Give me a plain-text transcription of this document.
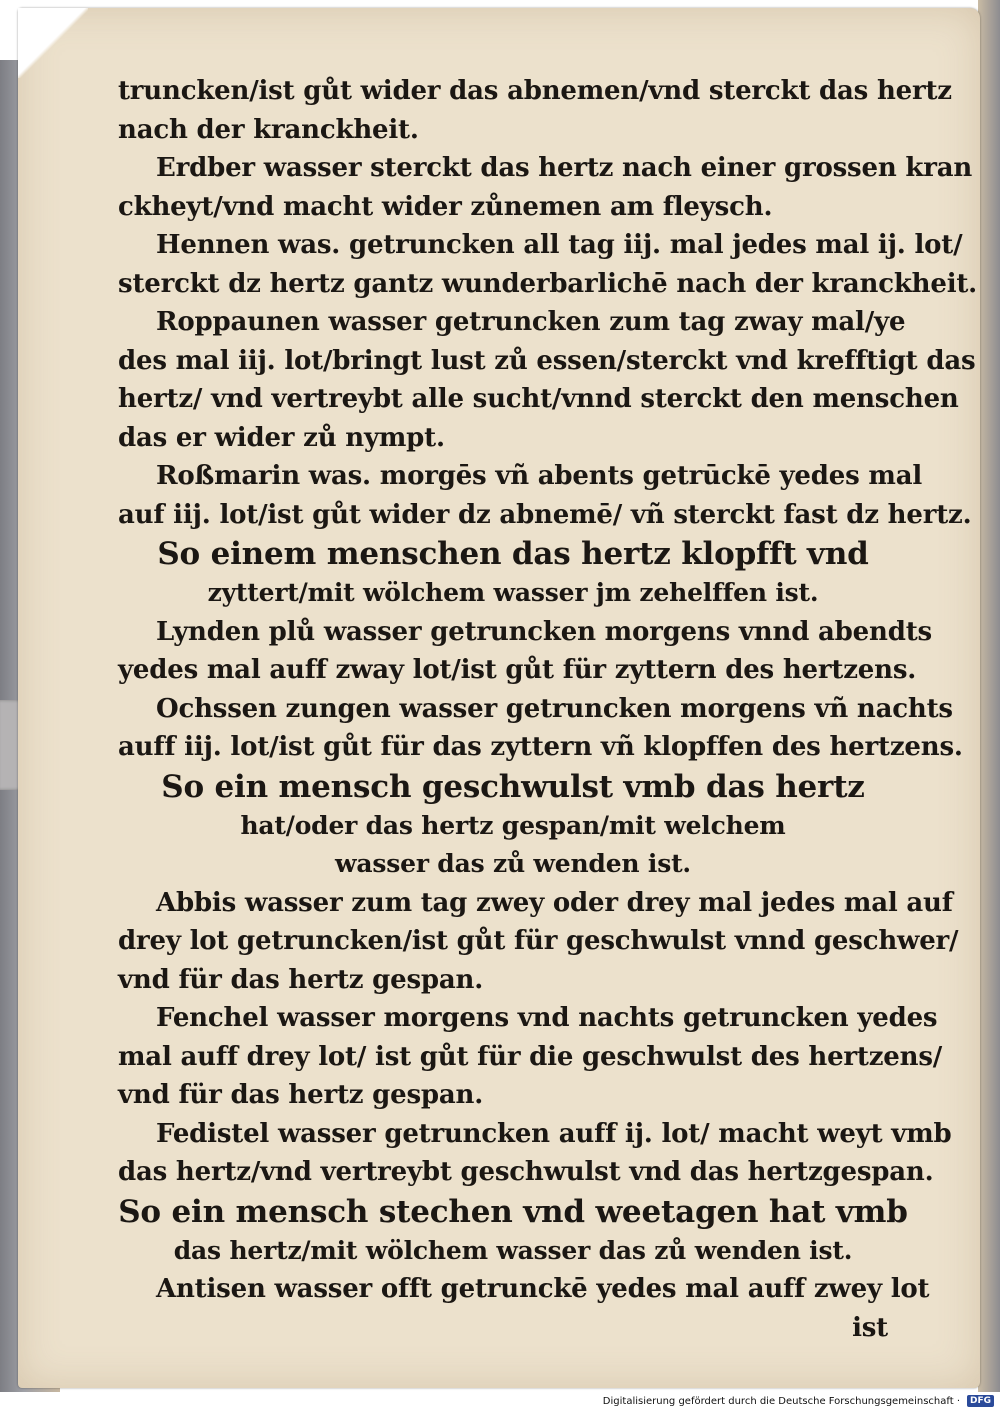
truncken/ist gůt wider das abnemen/vnd sterckt das hertz
nach der kranckheit.
Erdber wasser sterckt das hertz nach einer grossen kran
ckheyt/vnd macht wider zůnemen am fleysch.
Hennen was. getruncken all tag iij. mal jedes mal ij. lot/
sterckt dz hertz gantz wunderbarlichē nach der kranckheit.
Roppaunen wasser getruncken zum tag zway mal/ye
des mal iij. lot/bringt lust zů essen/sterckt vnd krefftigt das
hertz/ vnd vertreybt alle sucht/vnnd sterckt den menschen
das er wider zů nympt.
Roßmarin was. morgēs vñ abents getrūckē yedes mal
auf iij. lot/ist gůt wider dz abnemē/ vñ sterckt fast dz hertz.
So einem menschen das hertz klopfft vnd
zyttert/mit wölchem wasser jm zehelffen ist.
Lynden plů wasser getruncken morgens vnnd abendts
yedes mal auff zway lot/ist gůt für zyttern des hertzens.
Ochssen zungen wasser getruncken morgens vñ nachts
auff iij. lot/ist gůt für das zyttern vñ klopffen des hertzens.
So ein mensch geschwulst vmb das hertz
hat/oder das hertz gespan/mit welchem
wasser das zů wenden ist.
Abbis wasser zum tag zwey oder drey mal jedes mal auf
drey lot getruncken/ist gůt für geschwulst vnnd geschwer/
vnd für das hertz gespan.
Fenchel wasser morgens vnd nachts getruncken yedes
mal auff drey lot/ ist gůt für die geschwulst des hertzens/
vnd für das hertz gespan.
Fedistel wasser getruncken auff ij. lot/ macht weyt vmb
das hertz/vnd vertreybt geschwulst vnd das hertzgespan.
So ein mensch stechen vnd weetagen hat vmb
das hertz/mit wölchem wasser das zů wenden ist.
Antisen wasser offt getrunckē yedes mal auff zwey lot
ist
Digitalisierung gefördert durch die Deutsche Forschungsgemeinschaft ·	DFG
